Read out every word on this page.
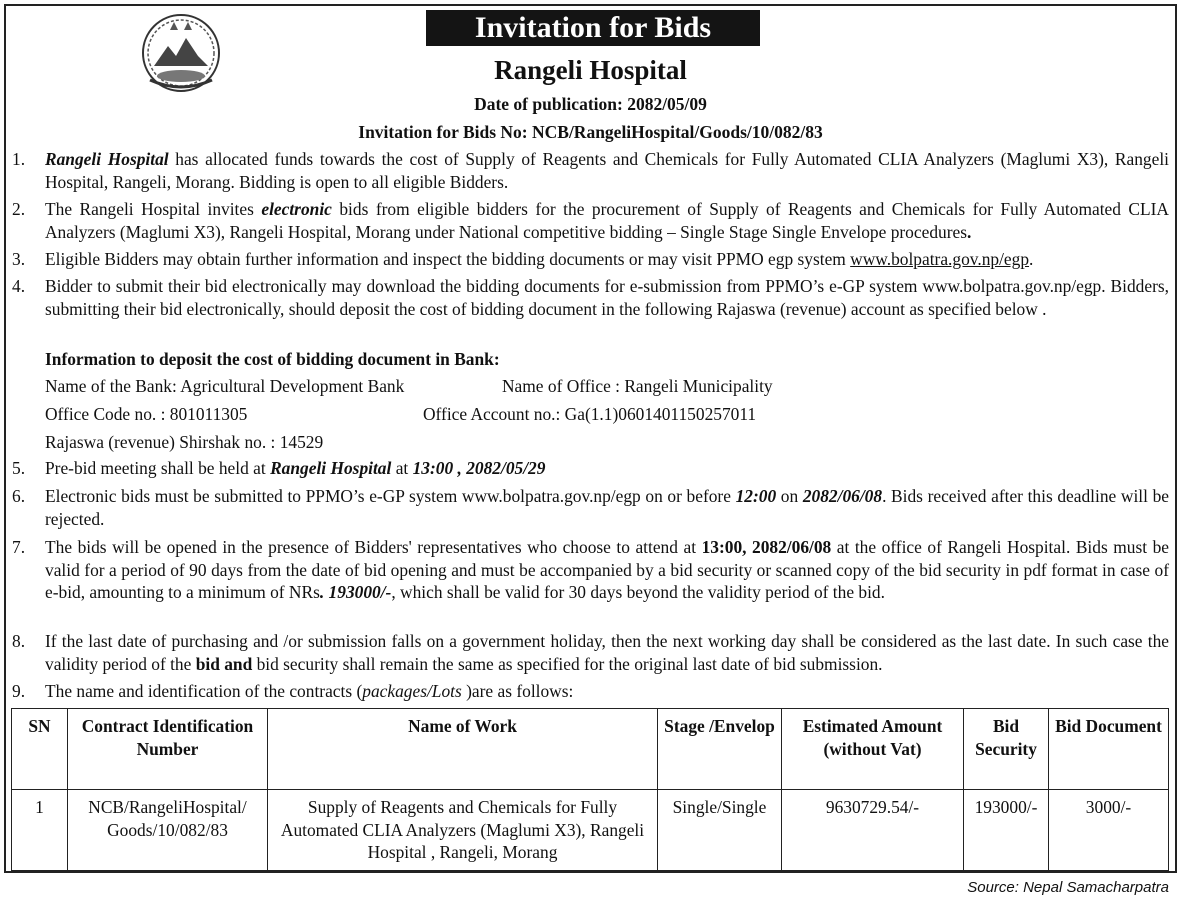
Invitation for Bids
Rangeli Hospital
Date of publication: 2082/05/09
Invitation for Bids No: NCB/RangeliHospital/Goods/10/082/83
1. Rangeli Hospital has allocated funds towards the cost of Supply of Reagents and Chemicals for Fully Automated CLIA Analyzers (Maglumi X3), Rangeli Hospital, Rangeli, Morang. Bidding is open to all eligible Bidders.
2. The Rangeli Hospital invites electronic bids from eligible bidders for the procurement of Supply of Reagents and Chemicals for Fully Automated CLIA Analyzers (Maglumi X3), Rangeli Hospital, Morang under National competitive bidding – Single Stage Single Envelope procedures.
3. Eligible Bidders may obtain further information and inspect the bidding documents or may visit PPMO egp system www.bolpatra.gov.np/egp.
4. Bidder to submit their bid electronically may download the bidding documents for e-submission from PPMO’s e-GP system www.bolpatra.gov.np/egp. Bidders, submitting their bid electronically, should deposit the cost of bidding document in the following Rajaswa (revenue) account as specified below .
Information to deposit the cost of bidding document in Bank:
Name of the Bank: Agricultural Development Bank	Name of Office : Rangeli Municipality
Office Code no. : 801011305	Office Account no.: Ga(1.1)0601401150257011
Rajaswa (revenue) Shirshak no. : 14529
5. Pre-bid meeting shall be held at Rangeli Hospital at 13:00 , 2082/05/29
6. Electronic bids must be submitted to PPMO’s e-GP system www.bolpatra.gov.np/egp on or before 12:00 on 2082/06/08. Bids received after this deadline will be rejected.
7. The bids will be opened in the presence of Bidders' representatives who choose to attend at 13:00, 2082/06/08 at the office of Rangeli Hospital. Bids must be valid for a period of 90 days from the date of bid opening and must be accompanied by a bid security or scanned copy of the bid security in pdf format in case of e-bid, amounting to a minimum of NRs. 193000/-, which shall be valid for 30 days beyond the validity period of the bid.
8. If the last date of purchasing and /or submission falls on a government holiday, then the next working day shall be considered as the last date. In such case the validity period of the bid and bid security shall remain the same as specified for the original last date of bid submission.
9. The name and identification of the contracts (packages/Lots )are as follows:
SN	Contract Identification Number	Name of Work	Stage /Envelop	Estimated Amount (without Vat)	Bid Security	Bid Document
1	NCB/RangeliHospital/ Goods/10/082/83	Supply of Reagents and Chemicals for Fully Automated CLIA Analyzers (Maglumi X3), Rangeli Hospital , Rangeli, Morang	Single/Single	9630729.54/-	193000/-	3000/-
Source: Nepal Samacharpatra
